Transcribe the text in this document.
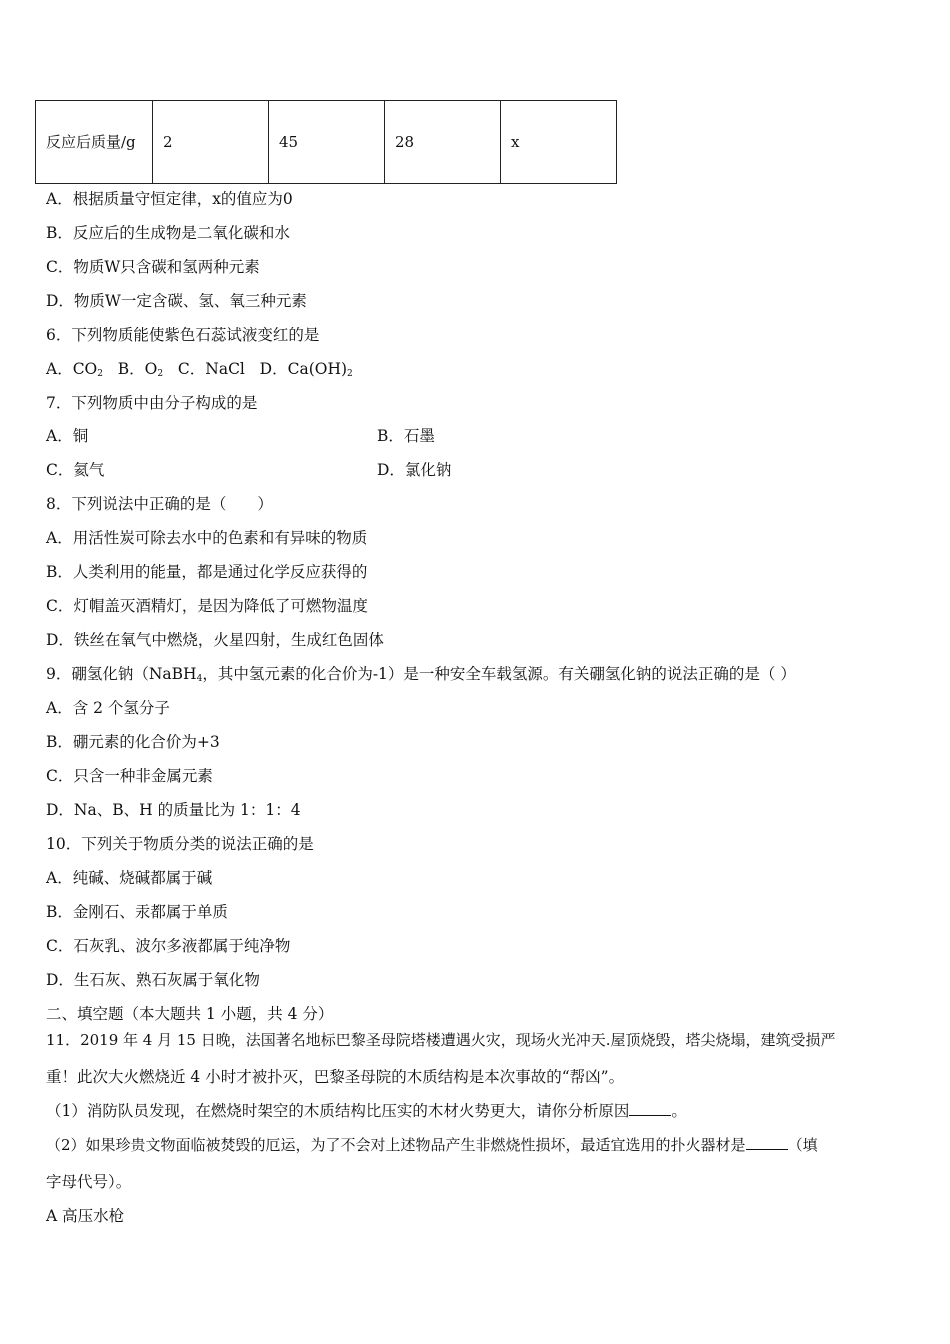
反应后质量/g	2	45	28	x
A．根据质量守恒定律，x的值应为0
B．反应后的生成物是二氧化碳和水
C．物质W只含碳和氢两种元素
D．物质W一定含碳、氢、氧三种元素
6．下列物质能使紫色石蕊试液变红的是
A．$CO_2$ B．$O_2$ C．NaCl D．$Ca(OH)_2$
7．下列物质中由分子构成的是
A．铜	B．石墨
C．氦气	D．氯化钠
8．下列说法中正确的是（　　）
A．用活性炭可除去水中的色素和有异味的物质
B．人类利用的能量，都是通过化学反应获得的
C．灯帽盖灭酒精灯，是因为降低了可燃物温度
D．铁丝在氧气中燃烧，火星四射，生成红色固体
9．硼氢化钠（NaBH$_4$，其中氢元素的化合价为-1）是一种安全车载氢源。有关硼氢化钠的说法正确的是（ ）
A．含 2 个氢分子
B．硼元素的化合价为+3
C．只含一种非金属元素
D．Na、B、H 的质量比为 1：1：4
10．下列关于物质分类的说法正确的是
A．纯碱、烧碱都属于碱
B．金刚石、汞都属于单质
C．石灰乳、波尔多液都属于纯净物
D．生石灰、熟石灰属于氧化物
二、填空题（本大题共 1 小题，共 4 分）
11．2019 年 4 月 15 日晚，法国著名地标巴黎圣母院塔楼遭遇火灾，现场火光冲天.屋顶烧毁，塔尖烧塌，建筑受损严
重！此次大火燃烧近 4 小时才被扑灭，巴黎圣母院的木质结构是本次事故的“帮凶”。
（1）消防队员发现，在燃烧时架空的木质结构比压实的木材火势更大，请你分析原因	。
（2）如果珍贵文物面临被焚毁的厄运，为了不会对上述物品产生非燃烧性损坏，最适宜选用的扑火器材是	（填
字母代号）。
A 高压水枪
